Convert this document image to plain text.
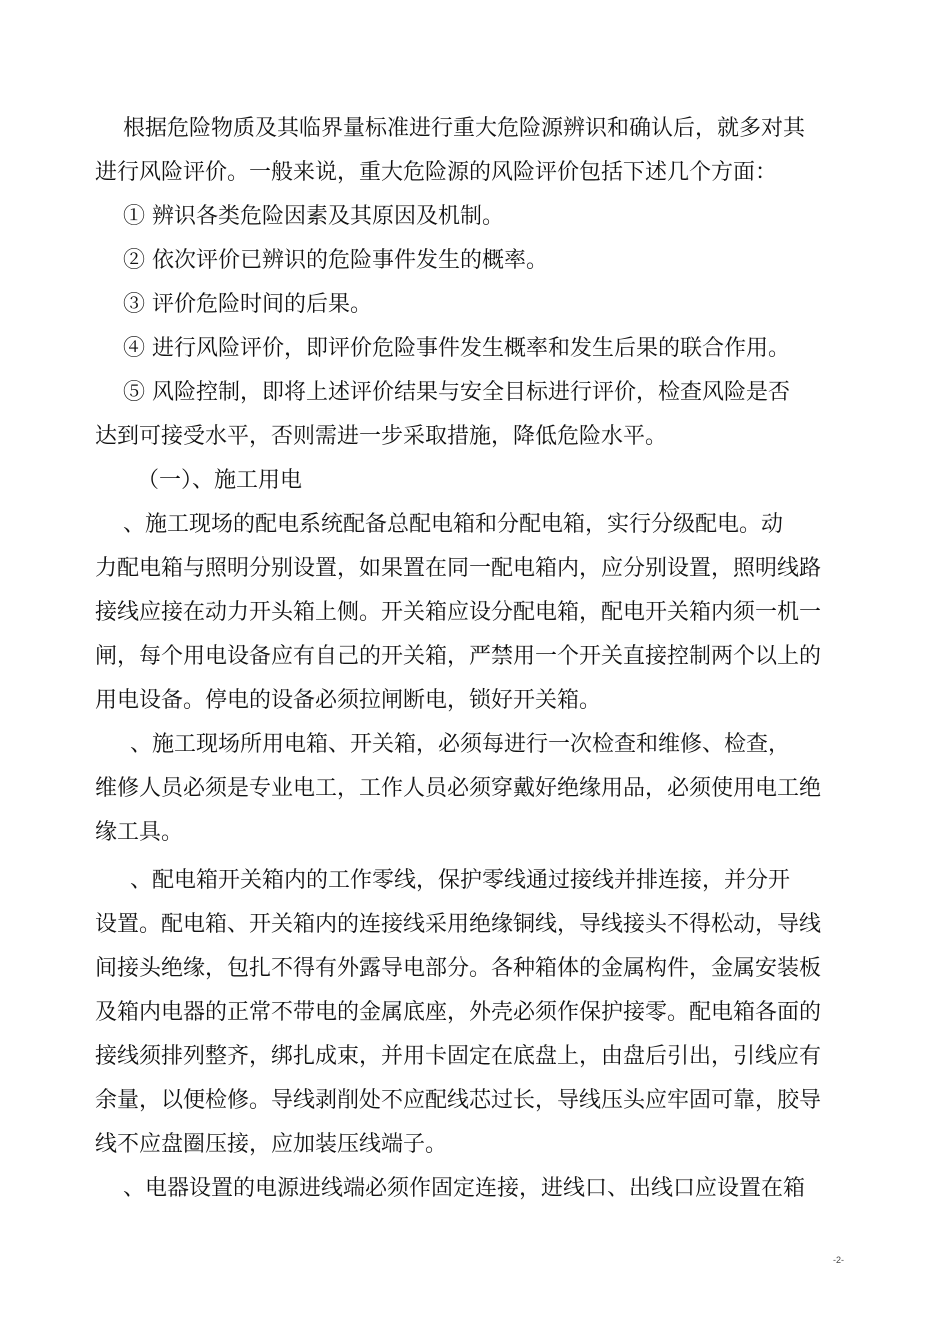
根据危险物质及其临界量标准进行重大危险源辨识和确认后，就多对其
进行风险评价。一般来说，重大危险源的风险评价包括下述几个方面：

① 辨识各类危险因素及其原因及机制。

② 依次评价已辨识的危险事件发生的概率。

③ 评价危险时间的后果。

④ 进行风险评价，即评价危险事件发生概率和发生后果的联合作用。

⑤ 风险控制，即将上述评价结果与安全目标进行评价，检查风险是否
达到可接受水平，否则需进一步采取措施，降低危险水平。

（一）、施工用电

、施工现场的配电系统配备总配电箱和分配电箱，实行分级配电。动
力配电箱与照明分别设置，如果置在同一配电箱内，应分别设置，照明线路
接线应接在动力开头箱上侧。开关箱应设分配电箱，配电开关箱内须一机一
闸，每个用电设备应有自己的开关箱，严禁用一个开关直接控制两个以上的
用电设备。停电的设备必须拉闸断电，锁好开关箱。

、施工现场所用电箱、开关箱，必须每进行一次检查和维修、检查，
维修人员必须是专业电工，工作人员必须穿戴好绝缘用品，必须使用电工绝
缘工具。

、配电箱开关箱内的工作零线，保护零线通过接线并排连接，并分开
设置。配电箱、开关箱内的连接线采用绝缘铜线，导线接头不得松动，导线
间接头绝缘，包扎不得有外露导电部分。各种箱体的金属构件，金属安装板
及箱内电器的正常不带电的金属底座，外壳必须作保护接零。配电箱各面的
接线须排列整齐，绑扎成束，并用卡固定在底盘上，由盘后引出，引线应有
余量，以便检修。导线剥削处不应配线芯过长，导线压头应牢固可靠，胶导
线不应盘圈压接，应加装压线端子。

、电器设置的电源进线端必须作固定连接，进线口、出线口应设置在箱

-2-
